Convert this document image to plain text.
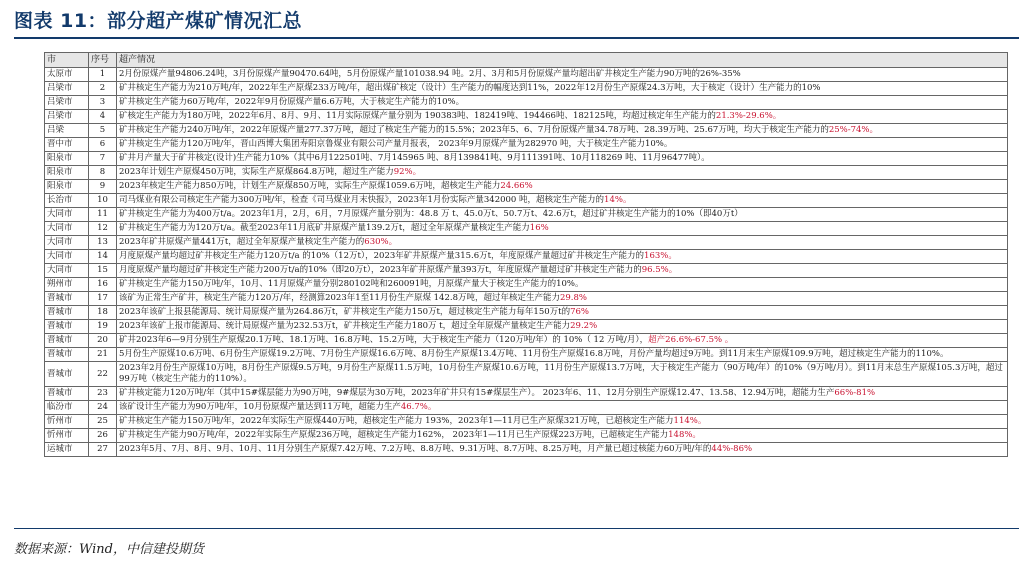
图表 11：部分超产煤矿情况汇总
市	序号	超产情况
太原市	1	2月份原煤产量94806.24吨，3月份原煤产量90470.64吨，5月份原煤产量101038.94 吨。2月、3月和5月份原煤产量均超出矿井核定生产能力90万吨的26%-35%
吕梁市	2	矿井核定生产能力为210万吨/年，2022年生产原煤233万吨/年，超出煤矿核定（设计）生产能力的幅度达到11%，2022年12月份生产原煤24.3万吨，大于核定（设计）生产能力的10%
吕梁市	3	矿井核定生产能力60万吨/年，2022年9月份原煤产量6.6万吨，大于核定生产能力的10%。
吕梁市	4	矿核定生产能力为180万吨，2022年6月、8月、9月、11月实际原煤产量分别为 190383吨、182419吨、194466吨、182125吨，均超过核定年生产能力的21.3%-29.6%。
吕梁	5	矿井核定生产能力240万吨/年，2022年原煤产量277.37万吨，超过了核定生产能力的15.5%；2023年5、6、7月份原煤产量34.78万吨、28.39万吨、25.67万吨，均大于核定生产能力的25%-74%。
晋中市	6	矿井核定生产能力120万吨/年，晋山西博大集团寿阳京鲁煤业有限公司产量月报表， 2023年9月原煤产量为282970 吨，大于核定生产能力10%。
阳泉市	7	矿井月产量大于矿井核定(设计)生产能力10%（其中6月122501吨、7月145965 吨、8月139841吨、9月111391吨、10月118269 吨、11月96477吨）。
阳泉市	8	2023年计划生产原煤450万吨，实际生产原煤864.8万吨，超过生产能力92%。
阳泉市	9	2023年核定生产能力850万吨，计划生产原煤850万吨，实际生产原煤1059.6万吨，超核定生产能力24.66%
长治市	10	司马煤业有限公司核定生产能力300万吨/年，检查《司马煤业月末快报》，2023年1月份实际产量342000 吨，超核定生产能力的14%。
大同市	11	矿井核定生产能力为400万t/a。2023年1月，2月，6月，7月原煤产量分别为：48.8 万 t、45.0万t、50.7万t、42.6万t，超过矿井核定生产能力的10%（即40万t）
大同市	12	矿井核定生产能力为120万t/a。截至2023年11月底矿井原煤产量139.2万t，超过全年原煤产量核定生产能力16%
大同市	13	2023年矿井原煤产量441万t，超过全年原煤产量核定生产能力的630%。
大同市	14	月度原煤产量均超过矿井核定生产能力120万t/a 的10%（12万t），2023年矿井原煤产量315.6万t，年度原煤产量超过矿井核定生产能力的163%。
大同市	15	月度原煤产量均超过矿井核定生产能力200万t/a的10%（即20万t），2023年矿井原煤产量393万t，年度原煤产量超过矿井核定生产能力的96.5%。
朔州市	16	矿井核定生产能力150万吨/年，10月、11月原煤产量分别280102吨和260091吨，月原煤产量大于核定生产能力的10%。
晋城市	17	该矿为正常生产矿井，核定生产能力120万/年，经测算2023年1至11月份生产原煤 142.8万吨，超过年核定生产能力29.8%
晋城市	18	2023年该矿上报县能源局、统计局原煤产量为264.86万t，矿井核定生产能力150万t，超过核定生产能力每年150万t的76%
晋城市	19	2023年该矿上报市能源局、统计局原煤产量为232.53万t，矿井核定生产能力180万 t，超过全年原煤产量核定生产能力29.2%
晋城市	20	矿井2023年6—9月分别生产原煤20.1万吨、18.1万吨、16.8万吨、15.2万吨，大于核定生产能力（120万吨/年）的 10%（ 12 万吨/月），超产26.6%-67.5% 。
晋城市	21	5月份生产原煤10.6万吨、6月份生产原煤19.2万吨、7月份生产原煤16.6万吨、8月份生产原煤13.4万吨、11月份生产原煤16.8万吨，月份产量均超过9万吨。到11月末生产原煤109.9万吨，超过核定生产能力的110%。
晋城市	22	2023年2月份生产原煤10万吨，8月份生产原煤9.5万吨，9月份生产原煤11.5万吨，10月份生产原煤10.6万吨，11月份生产原煤13.7万吨，大于核定生产能力（90万吨/年）的10%（9万吨/月）。到11月末总生产原煤105.3万吨，超过99万吨（核定生产能力的110%）。
晋城市	23	矿井核定能力120万吨/年（其中15#煤层能力为90万吨，9#煤层为30万吨，2023年矿井只有15#煤层生产）。 2023年6、11、12月分别生产原煤12.47、13.58、12.94万吨，超能力生产66%-81%
临汾市	24	该矿设计生产能力为90万吨/年，10月份原煤产量达到11万吨，超能力生产46.7%。
忻州市	25	矿井核定生产能力150万吨/年，2022年实际生产原煤440万吨，超核定生产能力 193%，2023年1—11月已生产原煤321万吨，已超核定生产能力114%。
忻州市	26	矿井核定生产能力90万吨/年，2022年实际生产原煤236万吨，超核定生产能力162%， 2023年1—11月已生产原煤223万吨，已超核定生产能力148%。
运城市	27	2023年5月、7月、8月、9月、10月、11月分别生产原煤7.42万吨、7.2万吨、8.8万吨、9.31万吨、8.7万吨、8.25万吨，月产量已超过核能力60万吨/年的44%-86%
数据来源：Wind，中信建投期货
